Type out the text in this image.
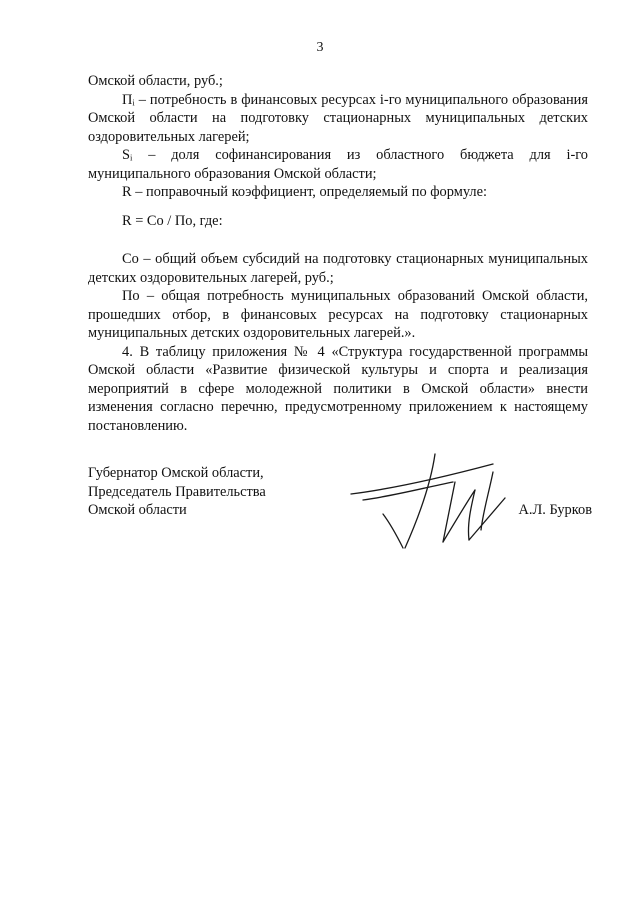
3

Омской области, руб.;

Пᵢ – потребность в финансовых ресурсах i-го муниципального образования Омской области на подготовку стационарных муниципальных детских оздоровительных лагерей;

Sᵢ – доля софинансирования из областного бюджета для i-го муниципального образования Омской области;

R – поправочный коэффициент, определяемый по формуле:

R = Со / По, где:

Со – общий объем субсидий на подготовку стационарных муниципальных детских оздоровительных лагерей, руб.;

По – общая потребность муниципальных образований Омской области, прошедших отбор, в финансовых ресурсах на подготовку стационарных муниципальных детских оздоровительных лагерей.».

4. В таблицу приложения № 4 «Структура государственной программы Омской области «Развитие физической культуры и спорта и реализация мероприятий в сфере молодежной политики в Омской области» внести изменения согласно перечню, предусмотренному приложением к настоящему постановлению.

Губернатор Омской области,
Председатель Правительства
Омской области	А.Л. Бурков
